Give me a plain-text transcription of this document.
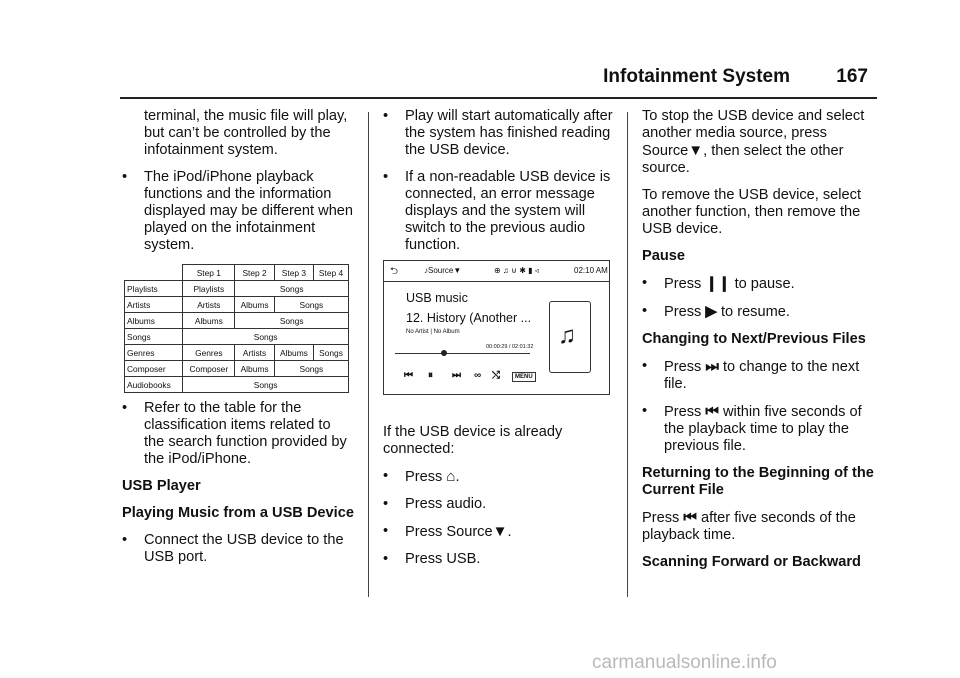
Infotainment System 167
terminal, the music file will play, but can’t be controlled by the infotainment system.
• The iPod/iPhone playback functions and the information displayed may be different when played on the infotainment system.
• Refer to the table for the classification items related to the search function provided by the iPod/iPhone.
USB Player
Playing Music from a USB Device
• Connect the USB device to the USB port.
	Step 1	Step 2	Step 3	Step 4
Playlists	Playlists	Songs		
Artists	Artists	Albums	Songs	
Albums	Albums	Songs		
Songs	Songs			
Genres	Genres	Artists	Albums	Songs
Composer	Composer	Albums	Songs	
Audiobooks	Songs			
• Play will start automatically after the system has finished reading the USB device.
• If a non-readable USB device is connected, an error message displays and the system will switch to the previous audio function.
If the USB device is already connected:
• Press ⌂.
• Press audio.
• Press Source▼.
• Press USB.
⮌	♪Source▼	⊕ ♫ ⊍ ✱ ▮ ◃	02:10 AM
USB music
12. History (Another ...
No Artist | No Album
00:00:29 / 02:01:32
⏮ ⏸ ⏭ ∞ ⤭	MENU
♫
To stop the USB device and select another media source, press
Source▼, then select the other source.
To remove the USB device, select another function, then remove the USB device.
Pause
• Press ❙❙ to pause.
• Press ▶ to resume.
Changing to Next/Previous Files
• Press ⏭ to change to the next file.
• Press ⏮ within five seconds of the playback time to play the previous file.
Returning to the Beginning of the Current File
Press ⏮ after five seconds of the playback time.
Scanning Forward or Backward
carmanualsonline.info
